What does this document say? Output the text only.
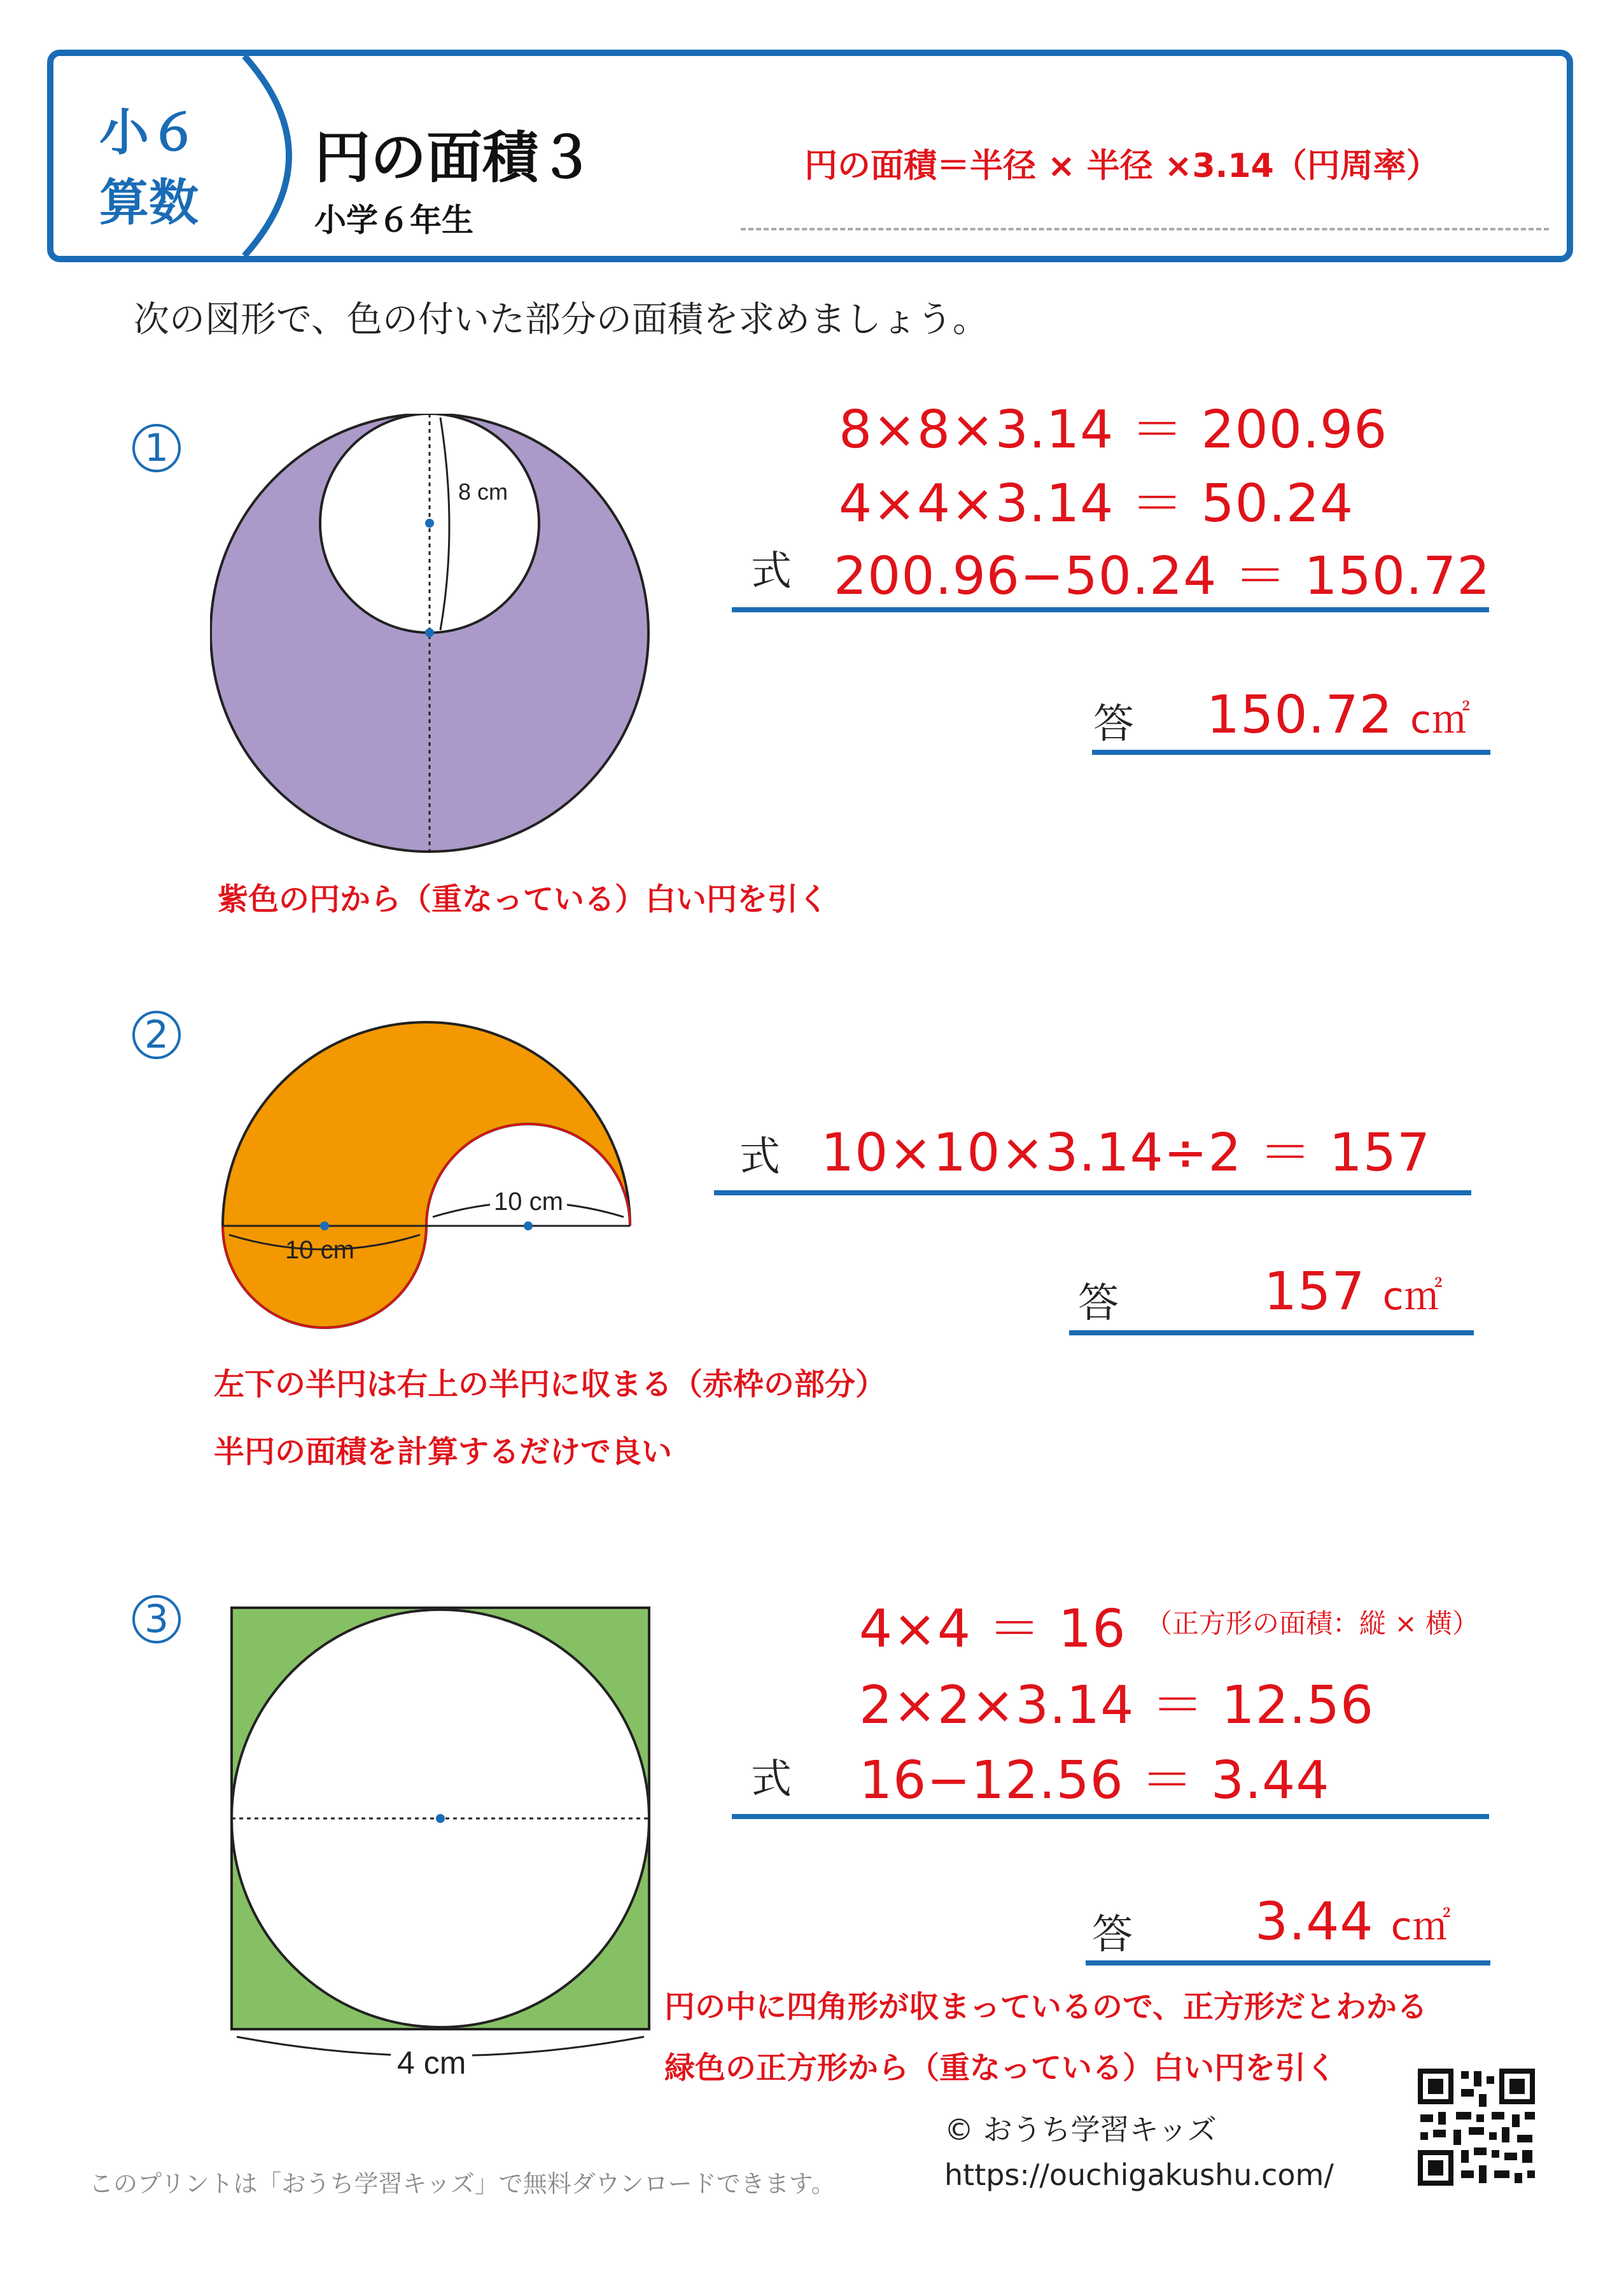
小６
算数
円の面積３
小学６年生
円の面積＝半径 × 半径 ×3.14（円周率）
次の図形で、色の付いた部分の面積を求めましょう。
1
8 cm
8×8×3.14 ＝ 200.96
4×4×3.14 ＝ 50.24
式 200.96−50.24 ＝ 150.72
答 150.72 c㎡
紫色の円から（重なっている）白い円を引く
2
10 cm
10 cm
式 10×10×3.14÷2 ＝ 157
答	157 c㎡
左下の半円は右上の半円に収まる（赤枠の部分）
半円の面積を計算するだけで良い
3
4 cm
4×4 ＝ 16 （正方形の面積：縦 × 横）
2×2×3.14 ＝ 12.56
式 16−12.56 ＝ 3.44
答 3.44 c㎡
円の中に四角形が収まっているので、正方形だとわかる
緑色の正方形から（重なっている）白い円を引く
このプリントは「おうち学習キッズ」で無料ダウンロードできます。
© おうち学習キッズ
https://ouchigakushu.com/
